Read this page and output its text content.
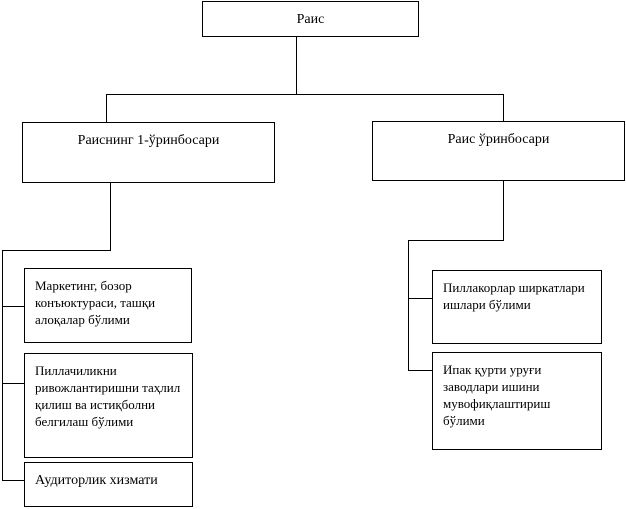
Раис
Раиснинг 1-ўринбосари	Раис ўринбосари
Маркетинг, бозор конъюктураси, ташқи алоқалар бўлими
Пиллачиликни ривожлантиришни таҳлил қилиш ва истиқболни белгилаш бўлими
Аудиторлик хизмати
Пиллакорлар ширкатлари ишлари бўлими
Ипак қурти уруғи заводлари ишини мувофиқлаштириш бўлими
